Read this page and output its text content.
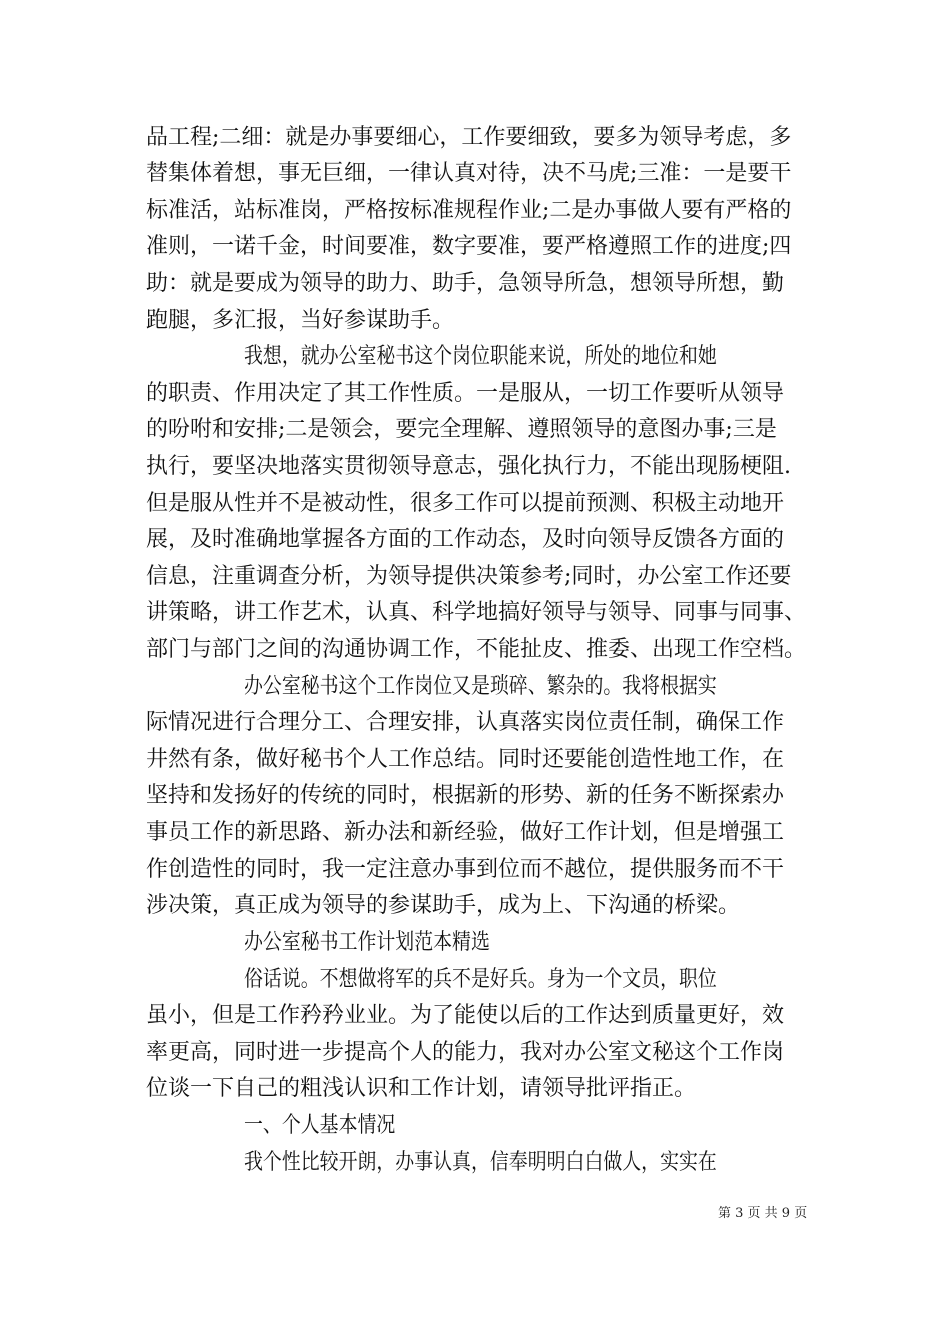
品工程;二细：就是办事要细心，工作要细致，要多为领导考虑，多
替集体着想，事无巨细，一律认真对待，决不马虎;三准：一是要干
标准活，站标准岗，严格按标准规程作业;二是办事做人要有严格的
准则，一诺千金，时间要准，数字要准，要严格遵照工作的进度;四
助：就是要成为领导的助力、助手，急领导所急，想领导所想，勤
跑腿，多汇报，当好参谋助手。
我想，就办公室秘书这个岗位职能来说，所处的地位和她
的职责、作用决定了其工作性质。一是服从，一切工作要听从领导
的吩咐和安排;二是领会，要完全理解、遵照领导的意图办事;三是
执行，要坚决地落实贯彻领导意志，强化执行力，不能出现肠梗阻.
但是服从性并不是被动性，很多工作可以提前预测、积极主动地开
展，及时准确地掌握各方面的工作动态，及时向领导反馈各方面的
信息，注重调查分析，为领导提供决策参考;同时，办公室工作还要
讲策略，讲工作艺术，认真、科学地搞好领导与领导、同事与同事、
部门与部门之间的沟通协调工作，不能扯皮、推委、出现工作空档。
办公室秘书这个工作岗位又是琐碎、繁杂的。我将根据实
际情况进行合理分工、合理安排，认真落实岗位责任制，确保工作
井然有条，做好秘书个人工作总结。同时还要能创造性地工作，在
坚持和发扬好的传统的同时，根据新的形势、新的任务不断探索办
事员工作的新思路、新办法和新经验，做好工作计划，但是增强工
作创造性的同时，我一定注意办事到位而不越位，提供服务而不干
涉决策，真正成为领导的参谋助手，成为上、下沟通的桥梁。
办公室秘书工作计划范本精选
俗话说。不想做将军的兵不是好兵。身为一个文员，职位
虽小，但是工作矜矜业业。为了能使以后的工作达到质量更好，效
率更高，同时进一步提高个人的能力，我对办公室文秘这个工作岗
位谈一下自己的粗浅认识和工作计划，请领导批评指正。
一、个人基本情况
我个性比较开朗，办事认真，信奉明明白白做人，实实在
第 3 页 共 9 页
